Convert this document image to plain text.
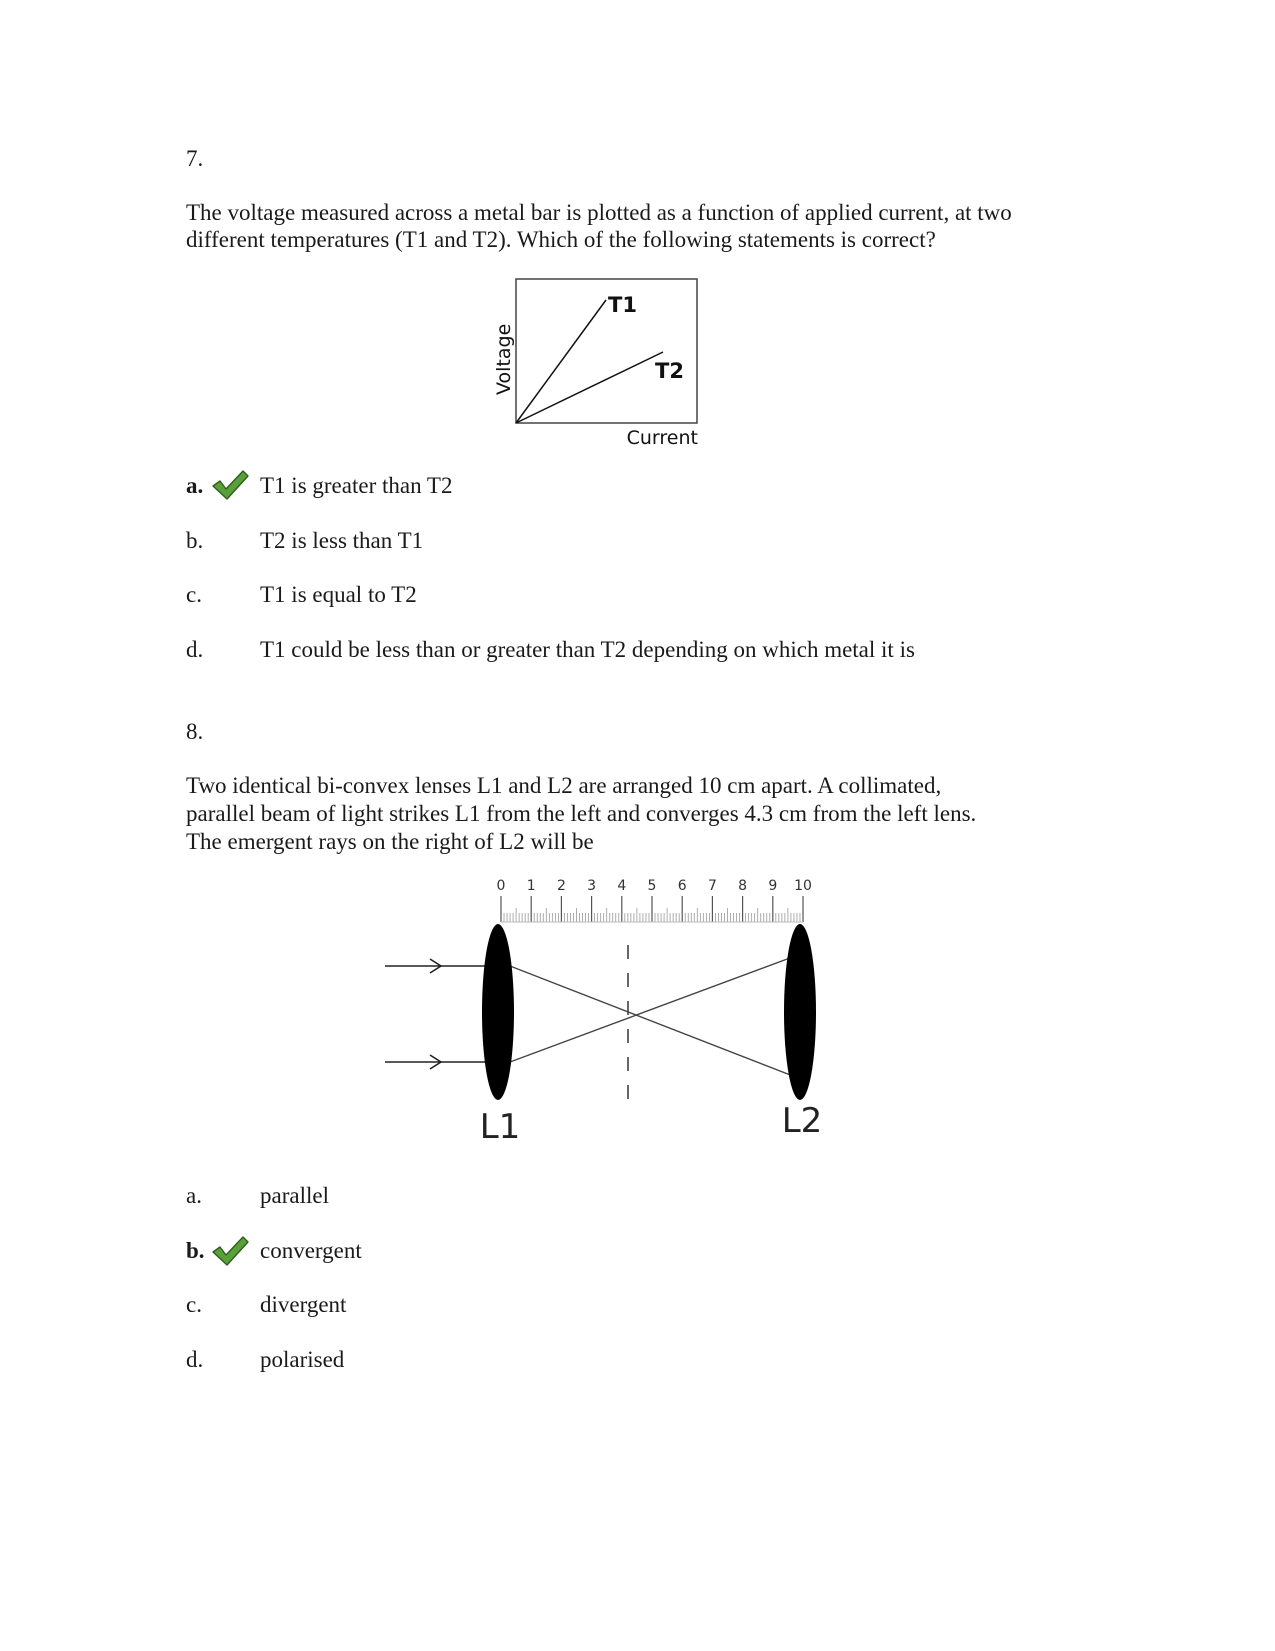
7.
The voltage measured across a metal bar is plotted as a function of applied current, at two
different temperatures (T1 and T2). Which of the following statements is correct?
T1
T2
Voltage
Current
a. T1 is greater than T2
b. T2 is less than T1
c.	T1 is equal to T2
d. T1 could be less than or greater than T2 depending on which metal it is
8.
Two identical bi-convex lenses L1 and L2 are arranged 10 cm apart. A collimated,
parallel beam of light strikes L1 from the left and converges 4.3 cm from the left lens.
The emergent rays on the right of L2 will be
0 1 2 3 4 5 6 7 8 9 10
L1	L2
a.	parallel
b. convergent
c.	divergent
d. polarised
